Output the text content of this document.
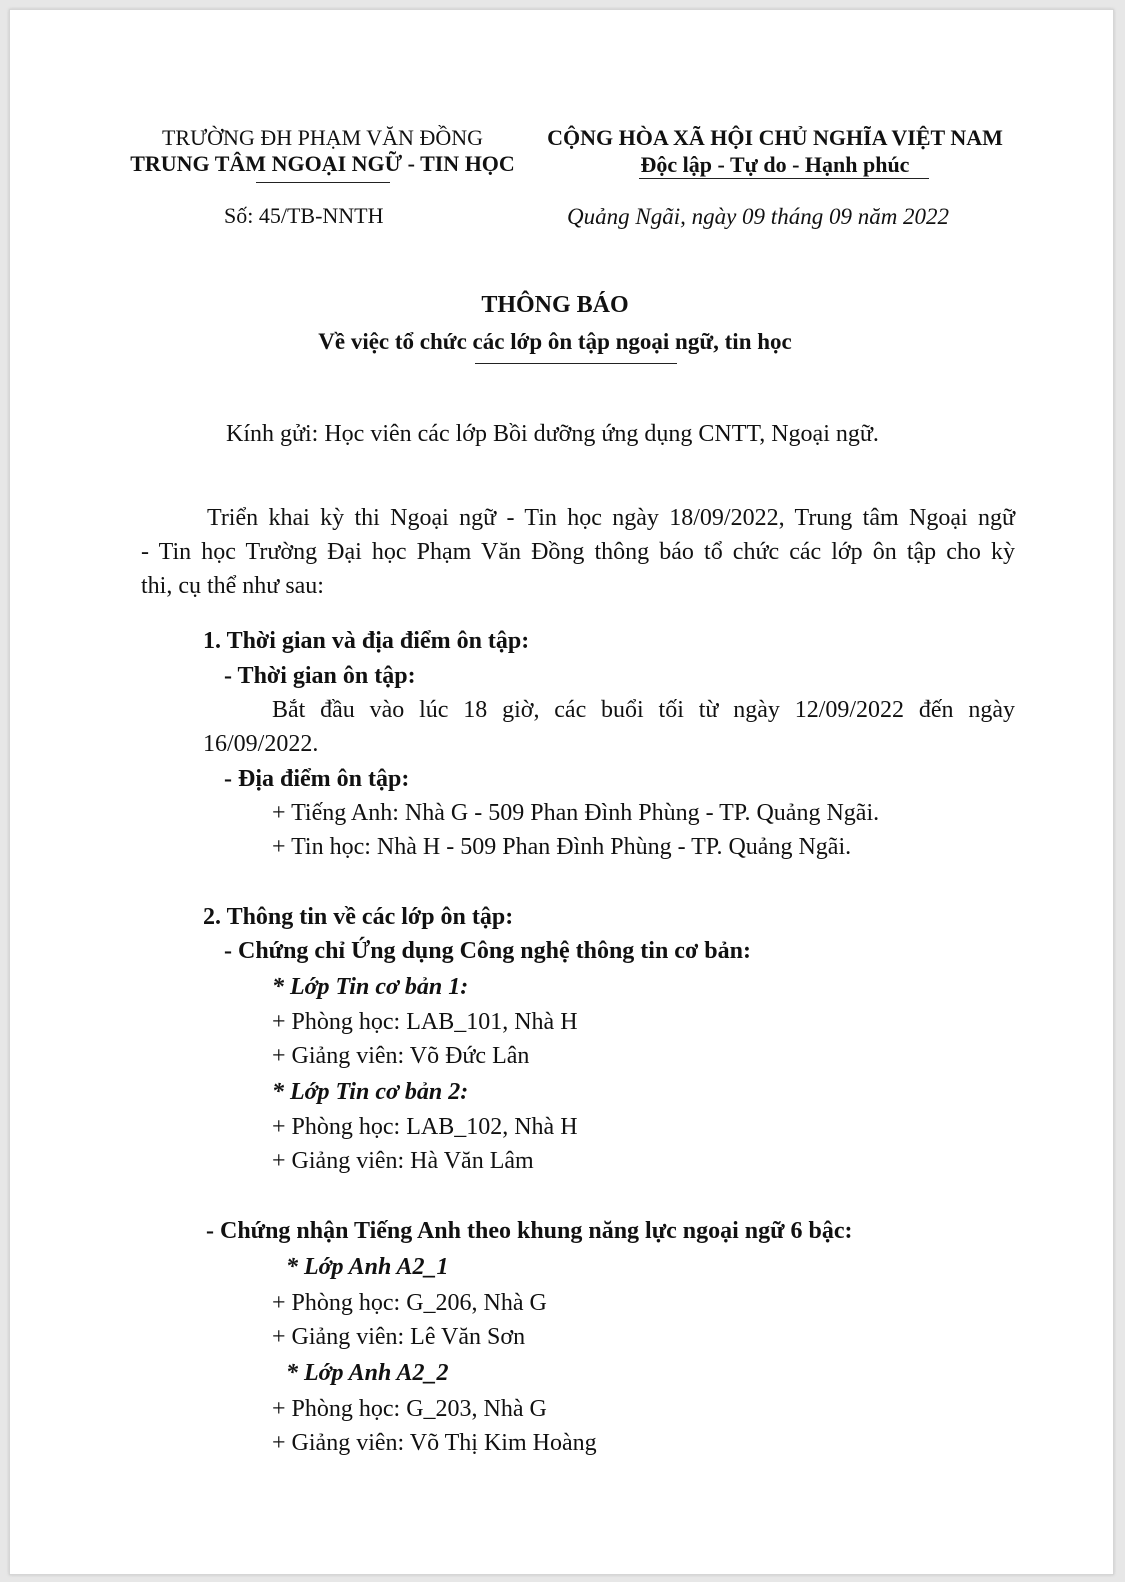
TRƯỜNG ĐH PHẠM VĂN ĐỒNG
TRUNG TÂM NGOẠI NGỮ - TIN HỌC
CỘNG HÒA XÃ HỘI CHỦ NGHĨA VIỆT NAM
Độc lập - Tự do - Hạnh phúc
Số: 45/TB-NNTH	Quảng Ngãi, ngày 09 tháng 09 năm 2022
THÔNG BÁO
Về việc tổ chức các lớp ôn tập ngoại ngữ, tin học
Kính gửi: Học viên các lớp Bồi dưỡng ứng dụng CNTT, Ngoại ngữ.
Triển khai kỳ thi Ngoại ngữ - Tin học ngày 18/09/2022, Trung tâm Ngoại ngữ
- Tin học Trường Đại học Phạm Văn Đồng thông báo tổ chức các lớp ôn tập cho kỳ
thi, cụ thể như sau:
1. Thời gian và địa điểm ôn tập:
- Thời gian ôn tập:
Bắt đầu vào lúc 18 giờ, các buổi tối từ ngày 12/09/2022 đến ngày
16/09/2022.
- Địa điểm ôn tập:
+ Tiếng Anh: Nhà G - 509 Phan Đình Phùng - TP. Quảng Ngãi.
+ Tin học: Nhà H - 509 Phan Đình Phùng - TP. Quảng Ngãi.
2. Thông tin về các lớp ôn tập:
- Chứng chỉ Ứng dụng Công nghệ thông tin cơ bản:
* Lớp Tin cơ bản 1:
+ Phòng học: LAB_101, Nhà H
+ Giảng viên: Võ Đức Lân
* Lớp Tin cơ bản 2:
+ Phòng học: LAB_102, Nhà H
+ Giảng viên: Hà Văn Lâm
- Chứng nhận Tiếng Anh theo khung năng lực ngoại ngữ 6 bậc:
* Lớp Anh A2_1
+ Phòng học: G_206, Nhà G
+ Giảng viên: Lê Văn Sơn
* Lớp Anh A2_2
+ Phòng học: G_203, Nhà G
+ Giảng viên: Võ Thị Kim Hoàng
